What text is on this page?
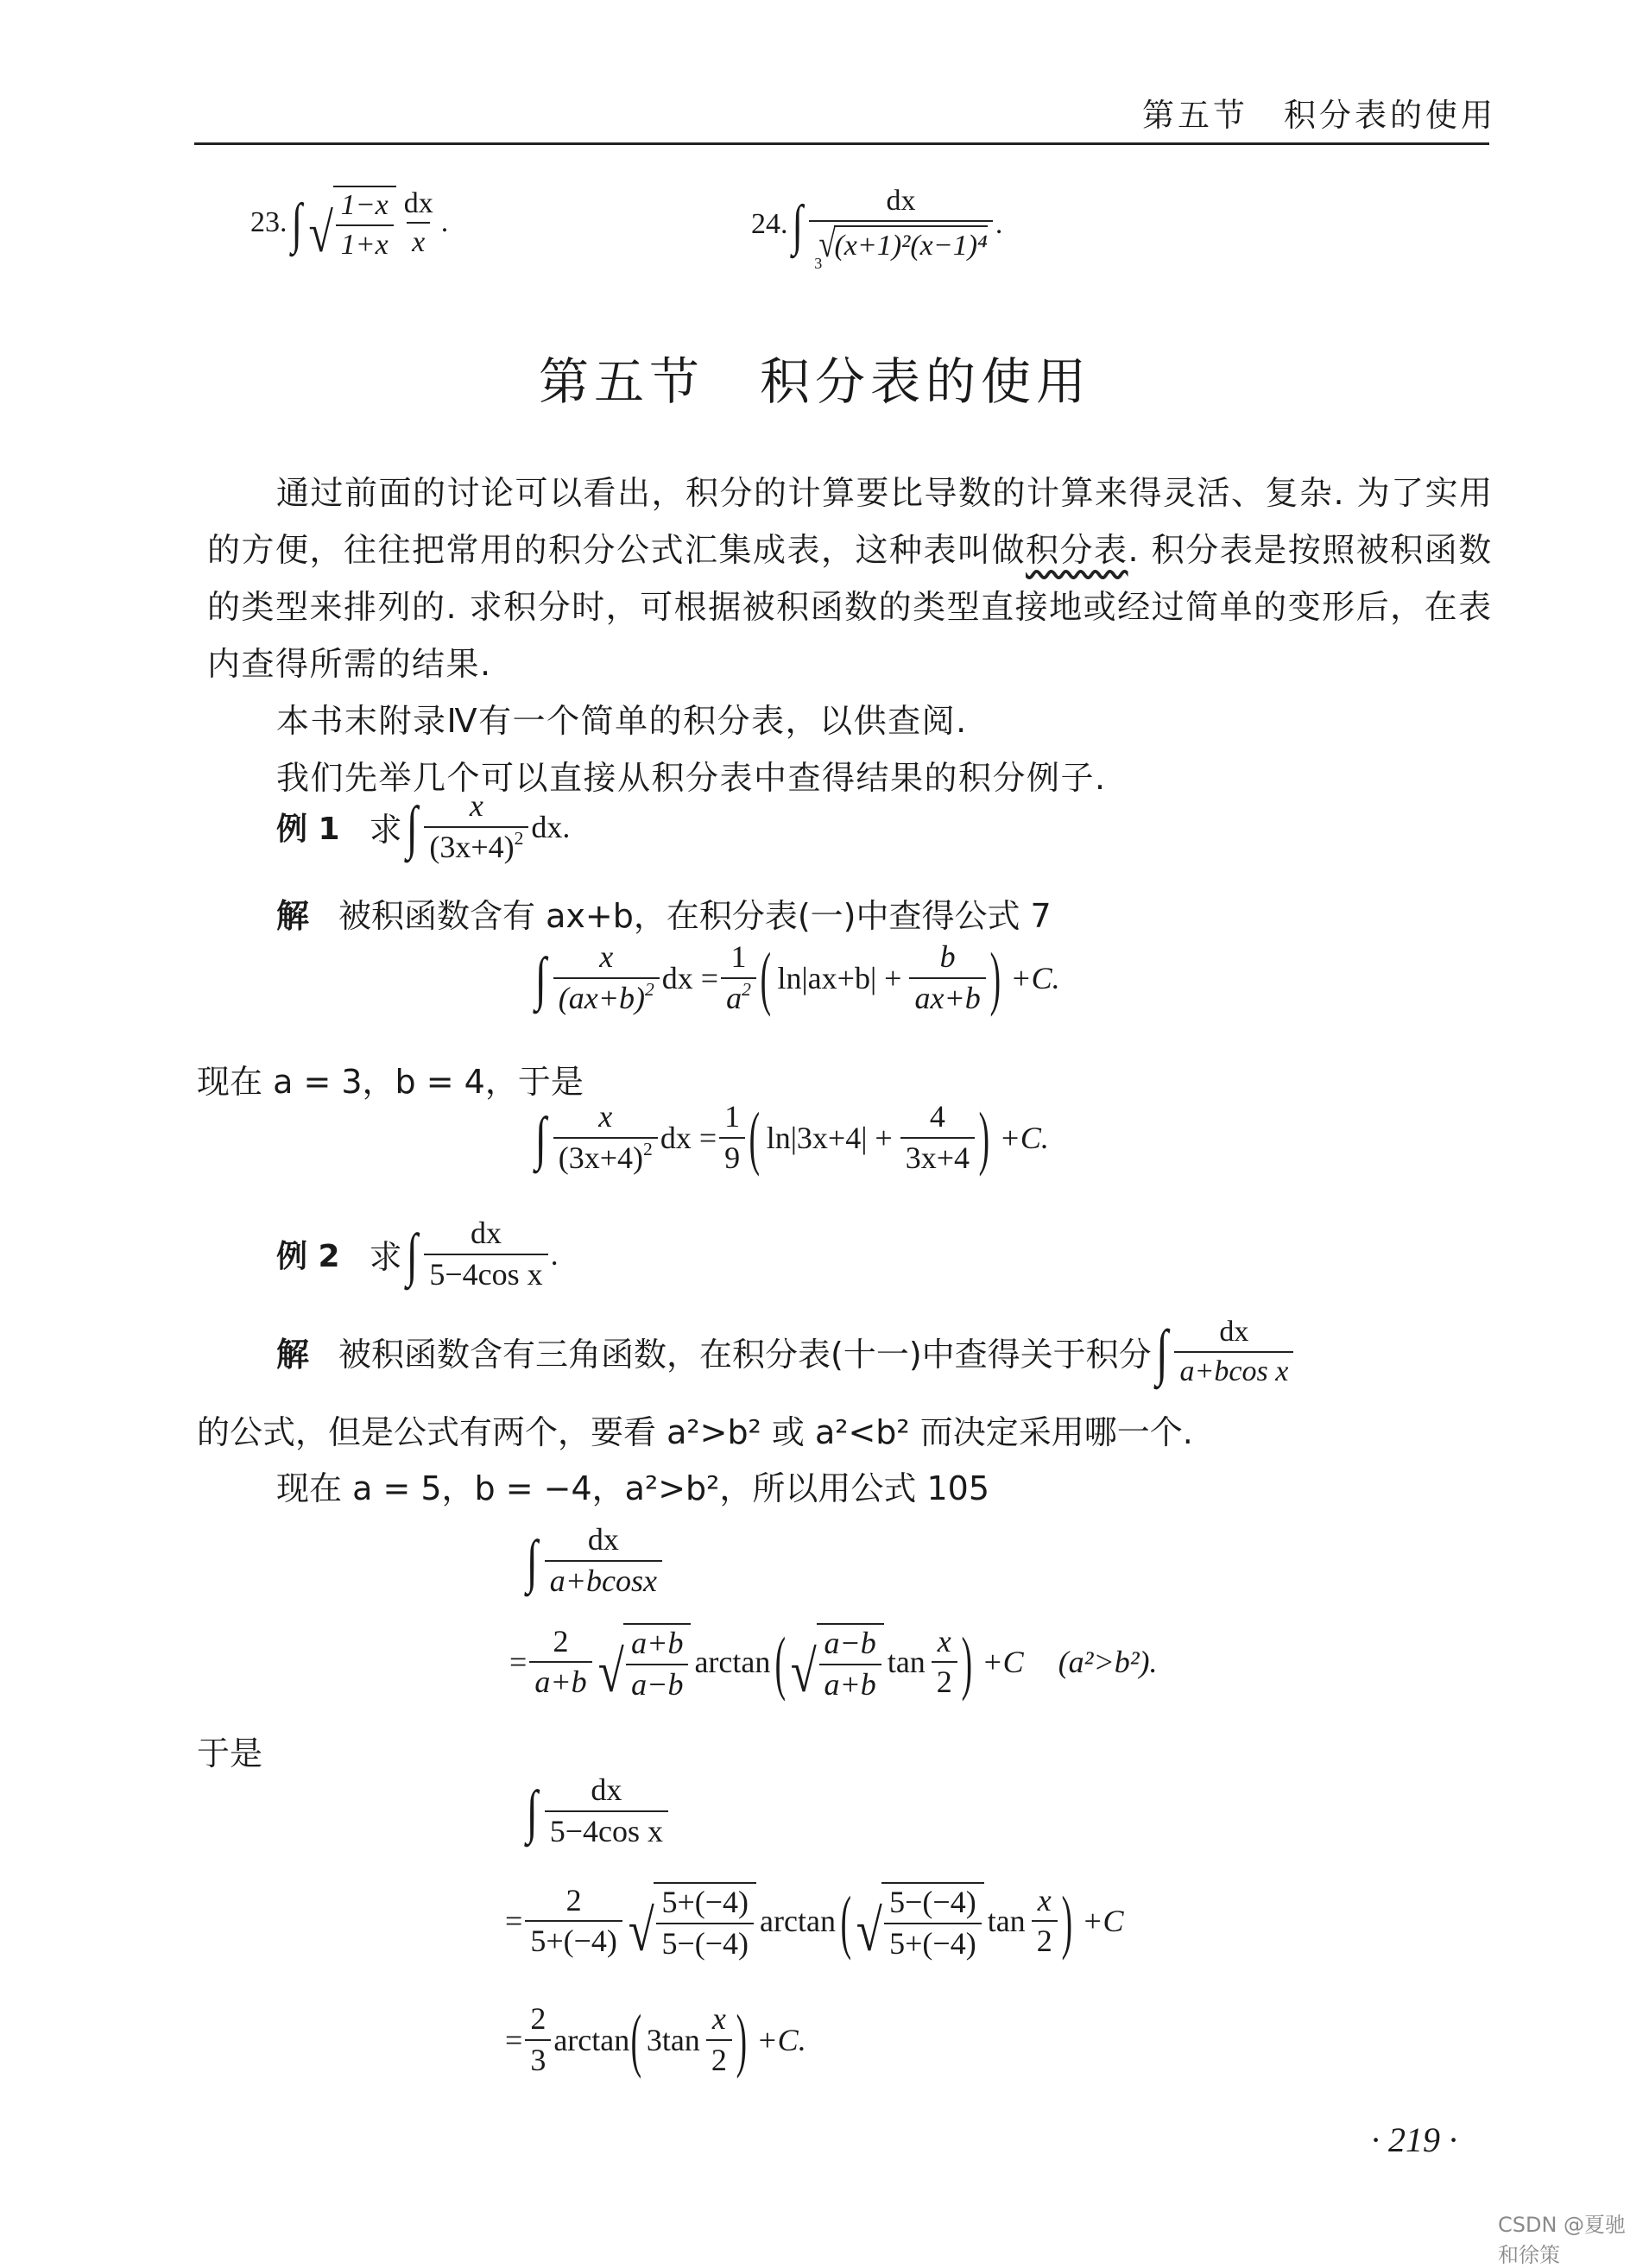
第五节　积分表的使用
23. ∫ √ $\frac{1-x}{1+x} \frac{dx}{x}$ .	24. ∫ dx
3
√
(x+1)²(x−1)⁴ .
第五节　积分表的使用

通过前面的讨论可以看出，积分的计算要比导数的计算来得灵活、复杂. 为了实用的方便，往往把常用的积分公式汇集成表，这种表叫做积分表. 积分表是按照被积函数的类型来排列的. 求积分时，可根据被积函数的类型直接地或经过简单的变形后，在表内查得所需的结果.

本书末附录Ⅳ有一个简单的积分表，以供查阅.

我们先举几个可以直接从积分表中查得结果的积分例子.

例 1 求 ∫ $\frac{x}{(3x+4)^2}$ dx.
解 被积函数含有 ax+b，在积分表(一)中查得公式 7
∫ $\frac{x}{(ax+b)^2}$ dx = $\frac{1}{a^2}$ ( $\ln|ax+b| + \frac{b}{ax+b}$ ) +C.
现在 a = 3，b = 4，于是
∫ $\frac{x}{(3x+4)^2}$ dx = $\frac{1}{9}$ ( $\ln|3x+4| + \frac{4}{3x+4}$ ) +C.
例 2 求 ∫ $\frac{dx}{\text{5−4cos x}}$ .
解 被积函数含有三角函数，在积分表(十一)中查得关于积分 ∫ $\frac{dx}{\text{a+bcos x}}$
的公式，但是公式有两个，要看 a²>b² 或 a²<b² 而决定采用哪一个.
现在 a = 5，b = −4，a²>b²，所以用公式 105
∫ $\frac{dx}{a+bcosx}$
= $\frac{2}{a+b}$ √ $\frac{a+b}{a-b}$ arctan ( √ $\frac{a-b}{a+b}$ $\tan \frac{x}{2}$ ) +C (a²>b²).
于是
∫ $\frac{dx}{\text{5−4cos x}}$
= $\frac{2}{5+(-4)}$ √ $\frac{5+(-4)}{5-(-4)}$ arctan ( √ $\frac{5-(-4)}{5+(-4)}$ $\tan \frac{x}{2}$ ) +C
= $\frac{2}{3}$ arctan ( $3\tan \frac{x}{2}$ ) +C.
· 219 ·
CSDN @夏驰和徐策
